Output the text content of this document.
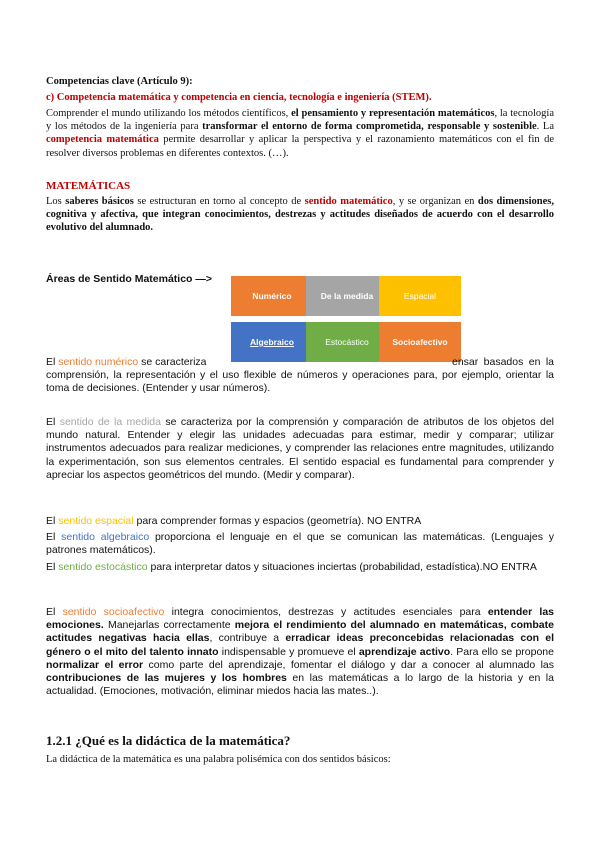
Competencias clave (Artículo 9):

c) Competencia matemática y competencia en ciencia, tecnología e ingeniería (STEM).

Comprender el mundo utilizando los métodos científicos, el pensamiento y representación matemáticos, la tecnología y los métodos de la ingeniería para transformar el entorno de forma comprometida, responsable y sostenible. La competencia matemática permite desarrollar y aplicar la perspectiva y el razonamiento matemáticos con el fin de resolver diversos problemas en diferentes contextos. (…).

MATEMÁTICAS

Los saberes básicos se estructuran en torno al concepto de sentido matemático, y se organizan en dos dimensiones, cognitiva y afectiva, que integran conocimientos, destrezas y actitudes diseñados de acuerdo con el desarrollo evolutivo del alumnado.

Áreas de Sentido Matemático —>

Numérico	De la medida	Espacial
Algebraico	Estocástico	Socioafectivo

El sentido numérico se caracteriza	ensar basados en la comprensión, la representación y el uso flexible de números y operaciones para, por ejemplo, orientar la toma de decisiones. (Entender y usar números).

El sentido de la medida se caracteriza por la comprensión y comparación de atributos de los objetos del mundo natural. Entender y elegir las unidades adecuadas para estimar, medir y comparar; utilizar instrumentos adecuados para realizar mediciones, y comprender las relaciones entre magnitudes, utilizando la experimentación, son sus elementos centrales. El sentido espacial es fundamental para comprender y apreciar los aspectos geométricos del mundo. (Medir y comparar).

El sentido espacial para comprender formas y espacios (geometría). NO ENTRA

El sentido algebraico proporciona el lenguaje en el que se comunican las matemáticas. (Lenguajes y patrones matemáticos).

El sentido estocástico para interpretar datos y situaciones inciertas (probabilidad, estadística).NO ENTRA

El sentido socioafectivo integra conocimientos, destrezas y actitudes esenciales para entender las emociones. Manejarlas correctamente mejora el rendimiento del alumnado en matemáticas, combate actitudes negativas hacia ellas, contribuye a erradicar ideas preconcebidas relacionadas con el género o el mito del talento innato indispensable y promueve el aprendizaje activo. Para ello se propone normalizar el error como parte del aprendizaje, fomentar el diálogo y dar a conocer al alumnado las contribuciones de las mujeres y los hombres en las matemáticas a lo largo de la historia y en la actualidad. (Emociones, motivación, eliminar miedos hacia las mates..).

1.2.1 ¿Qué es la didáctica de la matemática?

La didáctica de la matemática es una palabra polisémica con dos sentidos básicos:
